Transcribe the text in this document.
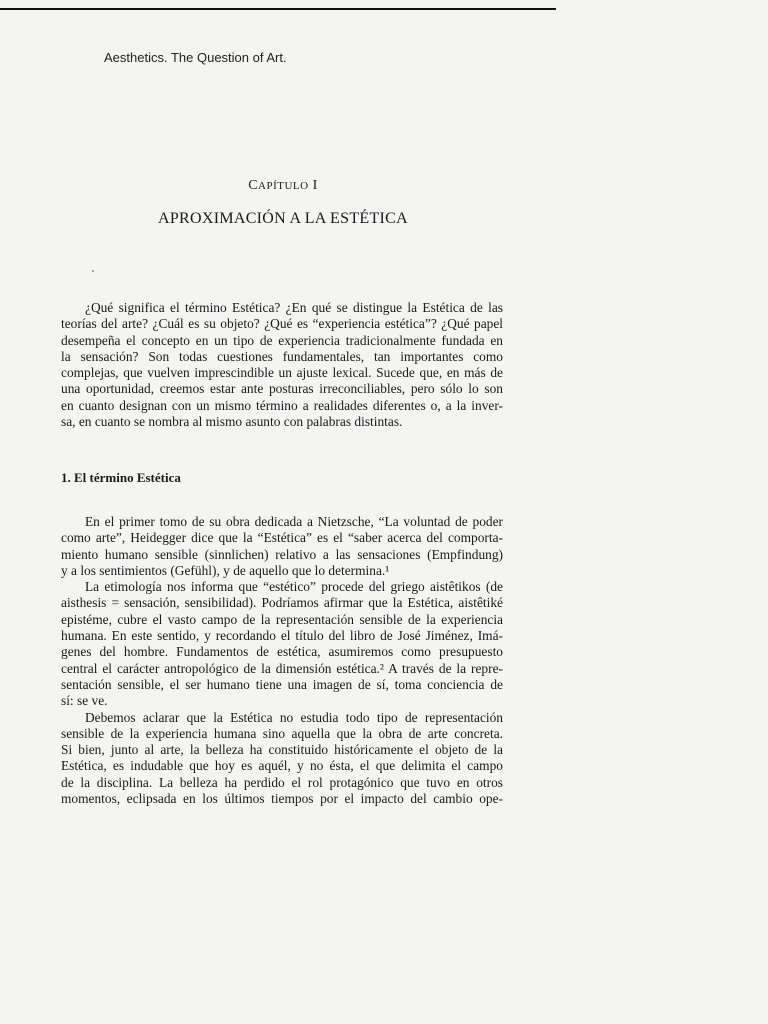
Aesthetics. The Question of Art.
CAPÍTULO I
APROXIMACIÓN A LA ESTÉTICA
¿Qué significa el término Estética? ¿En qué se distingue la Estética de las
teorías del arte? ¿Cuál es su objeto? ¿Qué es “experiencia estética”? ¿Qué papel
desempeña el concepto en un tipo de experiencia tradicionalmente fundada en
la sensación? Son todas cuestiones fundamentales, tan importantes como
complejas, que vuelven imprescindible un ajuste lexical. Sucede que, en más de
una oportunidad, creemos estar ante posturas irreconciliables, pero sólo lo son
en cuanto designan con un mismo término a realidades diferentes o, a la inver-
sa, en cuanto se nombra al mismo asunto con palabras distintas.
1. El término Estética
En el primer tomo de su obra dedicada a Nietzsche, “La voluntad de poder
como arte”, Heidegger dice que la “Estética” es el “saber acerca del comporta-
miento humano sensible (sinnlichen) relativo a las sensaciones (Empfindung)
y a los sentimientos (Gefühl), y de aquello que lo determina.¹
La etimología nos informa que “estético” procede del griego aistêtikos (de
aisthesis = sensación, sensibilidad). Podríamos afirmar que la Estética, aistêtiké
epistéme, cubre el vasto campo de la representación sensible de la experiencia
humana. En este sentido, y recordando el título del libro de José Jiménez, Imá-
genes del hombre. Fundamentos de estética, asumiremos como presupuesto
central el carácter antropológico de la dimensión estética.² A través de la repre-
sentación sensible, el ser humano tiene una imagen de sí, toma conciencia de
sí: se ve.
Debemos aclarar que la Estética no estudia todo tipo de representación
sensible de la experiencia humana sino aquella que la obra de arte concreta.
Si bien, junto al arte, la belleza ha constituido históricamente el objeto de la
Estética, es indudable que hoy es aquél, y no ésta, el que delimita el campo
de la disciplina. La belleza ha perdido el rol protagónico que tuvo en otros
momentos, eclipsada en los últimos tiempos por el impacto del cambio ope-
